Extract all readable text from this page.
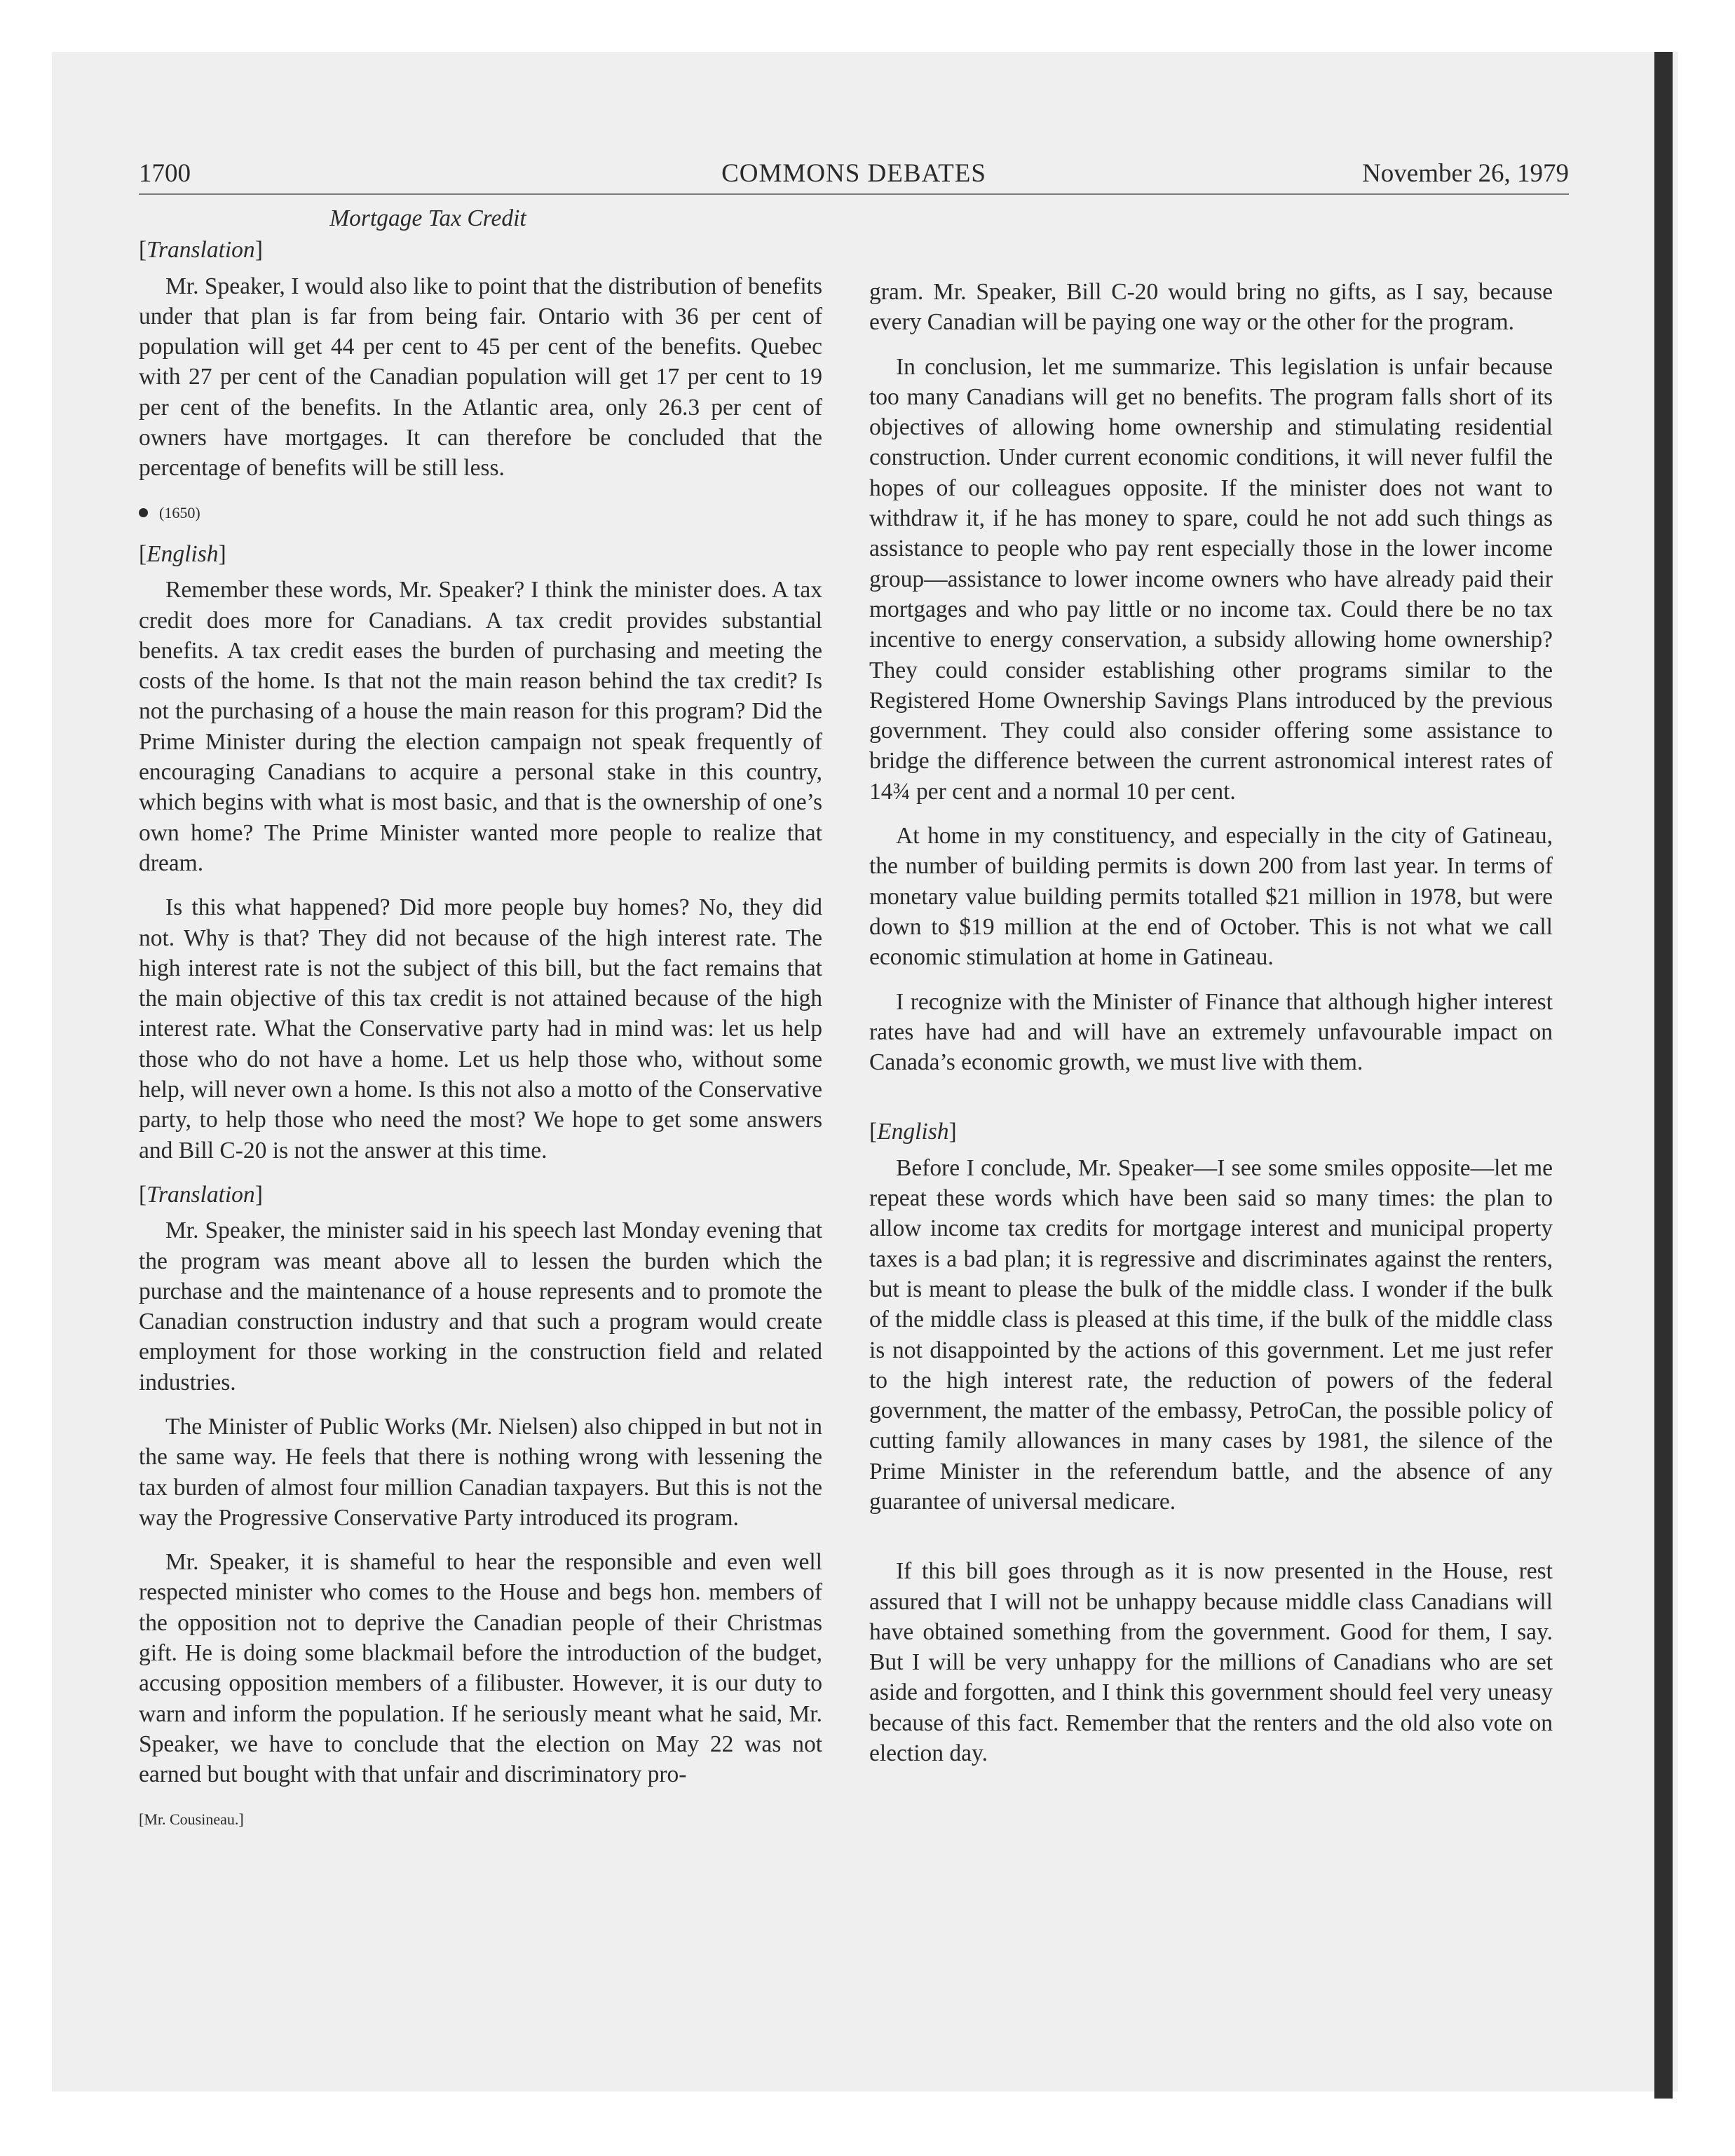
1700	COMMONS DEBATES	November 26, 1979
Mortgage Tax Credit
[Translation]

Mr. Speaker, I would also like to point that the distribution of benefits under that plan is far from being fair. Ontario with 36 per cent of population will get 44 per cent to 45 per cent of the benefits. Quebec with 27 per cent of the Canadian population will get 17 per cent to 19 per cent of the benefits. In the Atlantic area, only 26.3 per cent of owners have mortgages. It can therefore be concluded that the percentage of benefits will be still less.

(1650)
[English]

Remember these words, Mr. Speaker? I think the minister does. A tax credit does more for Canadians. A tax credit provides substantial benefits. A tax credit eases the burden of purchasing and meeting the costs of the home. Is that not the main reason behind the tax credit? Is not the purchasing of a house the main reason for this program? Did the Prime Minister during the election campaign not speak frequently of encouraging Canadians to acquire a personal stake in this country, which begins with what is most basic, and that is the ownership of one’s own home? The Prime Minister wanted more people to realize that dream.

Is this what happened? Did more people buy homes? No, they did not. Why is that? They did not because of the high interest rate. The high interest rate is not the subject of this bill, but the fact remains that the main objective of this tax credit is not attained because of the high interest rate. What the Conservative party had in mind was: let us help those who do not have a home. Let us help those who, without some help, will never own a home. Is this not also a motto of the Conservative party, to help those who need the most? We hope to get some answers and Bill C-20 is not the answer at this time.

[Translation]

Mr. Speaker, the minister said in his speech last Monday evening that the program was meant above all to lessen the burden which the purchase and the maintenance of a house represents and to promote the Canadian construction industry and that such a program would create employment for those working in the construction field and related industries.

The Minister of Public Works (Mr. Nielsen) also chipped in but not in the same way. He feels that there is nothing wrong with lessening the tax burden of almost four million Canadian taxpayers. But this is not the way the Progressive Conservative Party introduced its program.

Mr. Speaker, it is shameful to hear the responsible and even well respected minister who comes to the House and begs hon. members of the opposition not to deprive the Canadian people of their Christmas gift. He is doing some blackmail before the introduction of the budget, accusing opposition members of a filibuster. However, it is our duty to warn and inform the population. If he seriously meant what he said, Mr. Speaker, we have to conclude that the election on May 22 was not earned but bought with that unfair and discriminatory pro-

[Mr. Cousineau.]

gram. Mr. Speaker, Bill C-20 would bring no gifts, as I say, because every Canadian will be paying one way or the other for the program.

In conclusion, let me summarize. This legislation is unfair because too many Canadians will get no benefits. The program falls short of its objectives of allowing home ownership and stimulating residential construction. Under current economic conditions, it will never fulfil the hopes of our colleagues opposite. If the minister does not want to withdraw it, if he has money to spare, could he not add such things as assistance to people who pay rent especially those in the lower income group—assistance to lower income owners who have already paid their mortgages and who pay little or no income tax. Could there be no tax incentive to energy conservation, a subsidy allowing home ownership? They could consider establishing other programs similar to the Registered Home Ownership Savings Plans introduced by the previous government. They could also consider offering some assistance to bridge the difference between the current astronomical interest rates of 14¾ per cent and a normal 10 per cent.

At home in my constituency, and especially in the city of Gatineau, the number of building permits is down 200 from last year. In terms of monetary value building permits totalled $21 million in 1978, but were down to $19 million at the end of October. This is not what we call economic stimulation at home in Gatineau.

I recognize with the Minister of Finance that although higher interest rates have had and will have an extremely unfavourable impact on Canada’s economic growth, we must live with them.

[English]

Before I conclude, Mr. Speaker—I see some smiles opposite—let me repeat these words which have been said so many times: the plan to allow income tax credits for mortgage interest and municipal property taxes is a bad plan; it is regressive and discriminates against the renters, but is meant to please the bulk of the middle class. I wonder if the bulk of the middle class is pleased at this time, if the bulk of the middle class is not disappointed by the actions of this government. Let me just refer to the high interest rate, the reduction of powers of the federal government, the matter of the embassy, PetroCan, the possible policy of cutting family allowances in many cases by 1981, the silence of the Prime Minister in the referendum battle, and the absence of any guarantee of universal medicare.

If this bill goes through as it is now presented in the House, rest assured that I will not be unhappy because middle class Canadians will have obtained something from the government. Good for them, I say. But I will be very unhappy for the millions of Canadians who are set aside and forgotten, and I think this government should feel very uneasy because of this fact. Remember that the renters and the old also vote on election day.
